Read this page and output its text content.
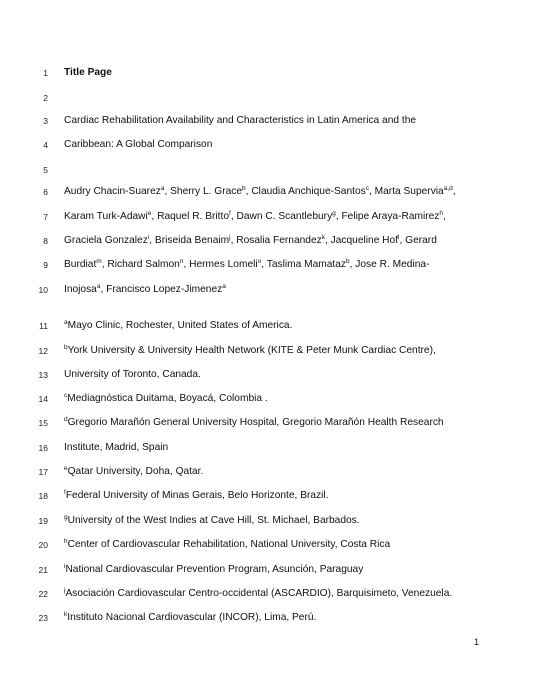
1
1 Title Page
2
3 Cardiac Rehabilitation Availability and Characteristics in Latin America and the
4 Caribbean: A Global Comparison
5
6 Audry Chacin-Suarez$^a$, Sherry L. Grace$^b$, Claudia Anchique-Santos$^c$, Marta Supervia$^{a,d}$,
7 Karam Turk-Adawi$^e$, Raquel R. Britto$^f$, Dawn C. Scantlebury$^g$, Felipe Araya-Ramirez$^h$,
8 Graciela Gonzalez$^i$, Briseida Benaim$^j$, Rosalia Fernandez$^k$, Jacqueline Hof$^l$, Gerard
9 Burdiat$^m$, Richard Salmon$^n$, Hermes Lomeli$^o$, Taslima Mamataz$^b$, Jose R. Medina-
10 Inojosa$^a$, Francisco Lopez-Jimenez$^a$
11 $^a$Mayo Clinic, Rochester, United States of America.
12 $^b$York University & University Health Network (KITE & Peter Munk Cardiac Centre),
13 University of Toronto, Canada.
14 $^c$Mediagnóstica Duitama, Boyacá, Colombia .
15 $^d$Gregorio Marañón General University Hospital, Gregorio Marañón Health Research
16 Institute, Madrid, Spain
17 $^e$Qatar University, Doha, Qatar.
18 $^f$Federal University of Minas Gerais, Belo Horizonte, Brazil.
19 $^g$University of the West Indies at Cave Hill, St. Michael, Barbados.
20 $^h$Center of Cardiovascular Rehabilitation, National University, Costa Rica
21 $^i$National Cardiovascular Prevention Program, Asunción, Paraguay
22 $^j$Asociación Cardiovascular Centro-occidental (ASCARDIO), Barquisimeto, Venezuela.
23 $^k$Instituto Nacional Cardiovascular (INCOR), Lima, Perú.
